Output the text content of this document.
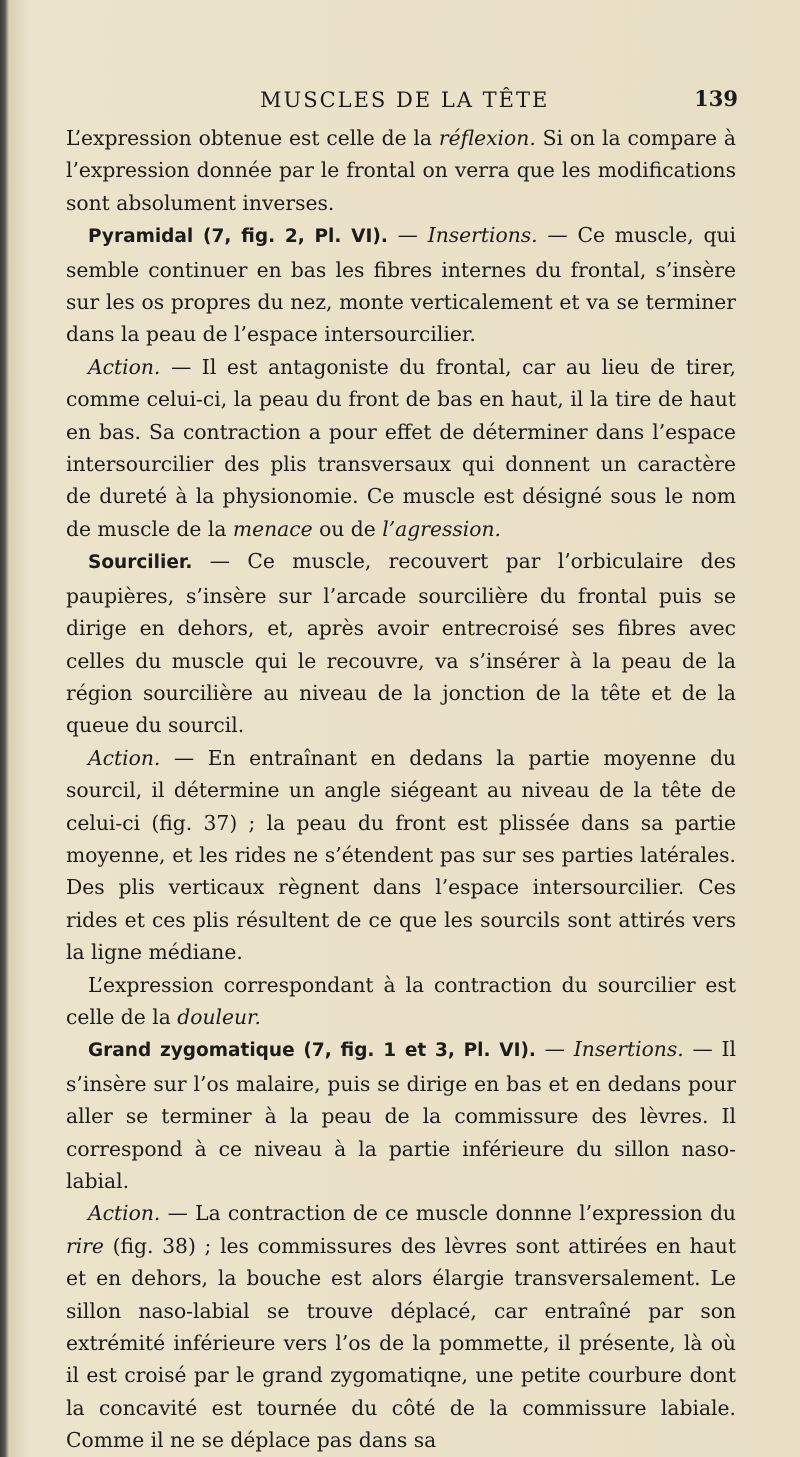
MUSCLES DE LA TÊTE	139

L’expression obtenue est celle de la réflexion. Si on la compare à l’expression donnée par le frontal on verra que les modifications sont absolument inverses.

Pyramidal (7, fig. 2, Pl. VI). — Insertions. — Ce muscle, qui semble continuer en bas les fibres internes du frontal, s’insère sur les os propres du nez, monte verticalement et va se terminer dans la peau de l’espace intersourcilier.

Action. — Il est antagoniste du frontal, car au lieu de tirer, comme celui-ci, la peau du front de bas en haut, il la tire de haut en bas. Sa contraction a pour effet de déterminer dans l’espace intersourcilier des plis transversaux qui donnent un caractère de dureté à la physionomie. Ce muscle est désigné sous le nom de muscle de la menace ou de l’agression.

Sourcilier. — Ce muscle, recouvert par l’orbiculaire des paupières, s’insère sur l’arcade sourcilière du frontal puis se dirige en dehors, et, après avoir entrecroisé ses fibres avec celles du muscle qui le recouvre, va s’insérer à la peau de la région sourcilière au niveau de la jonction de la tête et de la queue du sourcil.

Action. — En entraînant en dedans la partie moyenne du sourcil, il détermine un angle siégeant au niveau de la tête de celui-ci (fig. 37) ; la peau du front est plissée dans sa partie moyenne, et les rides ne s’étendent pas sur ses parties latérales. Des plis verticaux règnent dans l’espace intersourcilier. Ces rides et ces plis résultent de ce que les sourcils sont attirés vers la ligne médiane.

L’expression correspondant à la contraction du sourcilier est celle de la douleur.

Grand zygomatique (7, fig. 1 et 3, Pl. VI). — Insertions. — Il s’insère sur l’os malaire, puis se dirige en bas et en dedans pour aller se terminer à la peau de la commissure des lèvres. Il correspond à ce niveau à la partie inférieure du sillon naso-labial.

Action. — La contraction de ce muscle donnne l’expression du rire (fig. 38) ; les commissures des lèvres sont attirées en haut et en dehors, la bouche est alors élargie transversalement. Le sillon naso-labial se trouve déplacé, car entraîné par son extrémité inférieure vers l’os de la pommette, il présente, là où il est croisé par le grand zygomatiqne, une petite courbure dont la concavité est tournée du côté de la commissure labiale. Comme il ne se déplace pas dans sa
